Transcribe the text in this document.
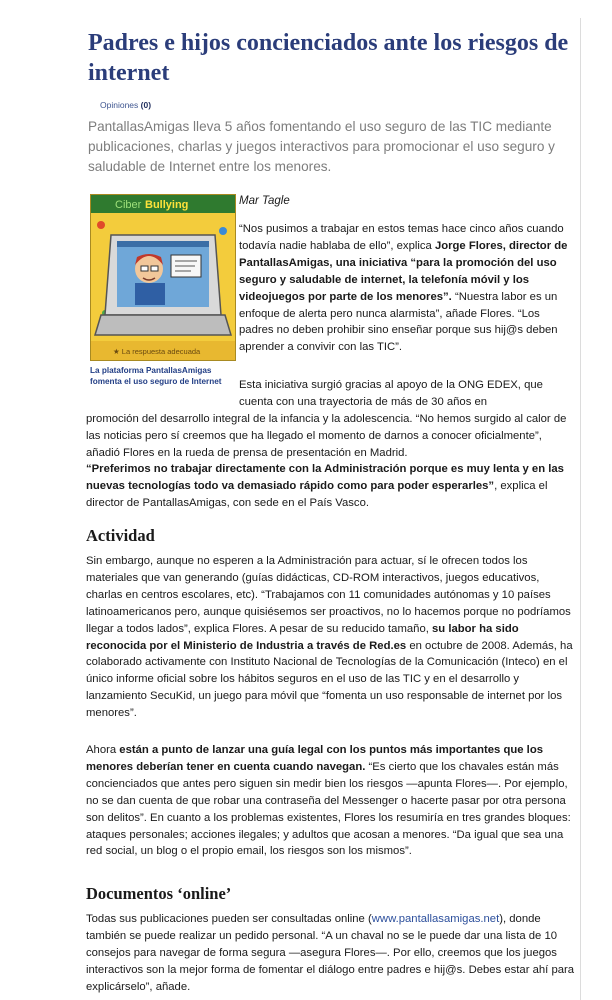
Padres e hijos concienciados ante los riesgos de internet
Opiniones (0)

PantallasAmigas lleva 5 años fomentando el uso seguro de las TIC mediante publicaciones, charlas y juegos interactivos para promocionar el uso seguro y saludable de Internet entre los menores.

Ciber Bullying
★ La respuesta adecuada

La plataforma PantallasAmigas fomenta el uso seguro de Internet

Mar Tagle

“Nos pusimos a trabajar en estos temas hace cinco años cuando todavía nadie hablaba de ello”, explica Jorge Flores, director de PantallasAmigas, una iniciativa “para la promoción del uso seguro y saludable de internet, la telefonía móvil y los videojuegos por parte de los menores”. “Nuestra labor es un enfoque de alerta pero nunca alarmista”, añade Flores. “Los padres no deben prohibir sino enseñar porque sus hij@s deben aprender a convivir con las TIC”.

Esta iniciativa surgió gracias al apoyo de la ONG EDEX, que cuenta con una trayectoria de más de 30 años en

promoción del desarrollo integral de la infancia y la adolescencia. “No hemos surgido al calor de las noticias pero sí creemos que ha llegado el momento de darnos a conocer oficialmente”, añadió Flores en la rueda de prensa de presentación en Madrid.

“Preferimos no trabajar directamente con la Administración porque es muy lenta y en las nuevas tecnologías todo va demasiado rápido como para poder esperarles”, explica el director de PantallasAmigas, con sede en el País Vasco.

Actividad

Sin embargo, aunque no esperen a la Administración para actuar, sí le ofrecen todos los materiales que van generando (guías didácticas, CD-ROM interactivos, juegos educativos, charlas en centros escolares, etc). “Trabajamos con 11 comunidades autónomas y 10 países latinoamericanos pero, aunque quisiésemos ser proactivos, no lo hacemos porque no podríamos llegar a todos lados”, explica Flores. A pesar de su reducido tamaño, su labor ha sido reconocida por el Ministerio de Industria a través de Red.es en octubre de 2008. Además, ha colaborado activamente con Instituto Nacional de Tecnologías de la Comunicación (Inteco) en el único informe oficial sobre los hábitos seguros en el uso de las TIC y en el desarrollo y lanzamiento SecuKid, un juego para móvil que “fomenta un uso responsable de internet por los menores”.

Ahora están a punto de lanzar una guía legal con los puntos más importantes que los menores deberían tener en cuenta cuando navegan. “Es cierto que los chavales están más concienciados que antes pero siguen sin medir bien los riesgos —apunta Flores—. Por ejemplo, no se dan cuenta de que robar una contraseña del Messenger o hacerte pasar por otra persona son delitos”. En cuanto a los problemas existentes, Flores los resumiría en tres grandes bloques: ataques personales; acciones ilegales; y adultos que acosan a menores. “Da igual que sea una red social, un blog o el propio email, los riesgos son los mismos”.

Documentos ‘online’

Todas sus publicaciones pueden ser consultadas online (www.pantallasamigas.net), donde también se puede realizar un pedido personal. “A un chaval no se le puede dar una lista de 10 consejos para navegar de forma segura —asegura Flores—. Por ello, creemos que los juegos interactivos son la mejor forma de fomentar el diálogo entre padres e hij@s. Debes estar ahí para explicárselo”, añade.
